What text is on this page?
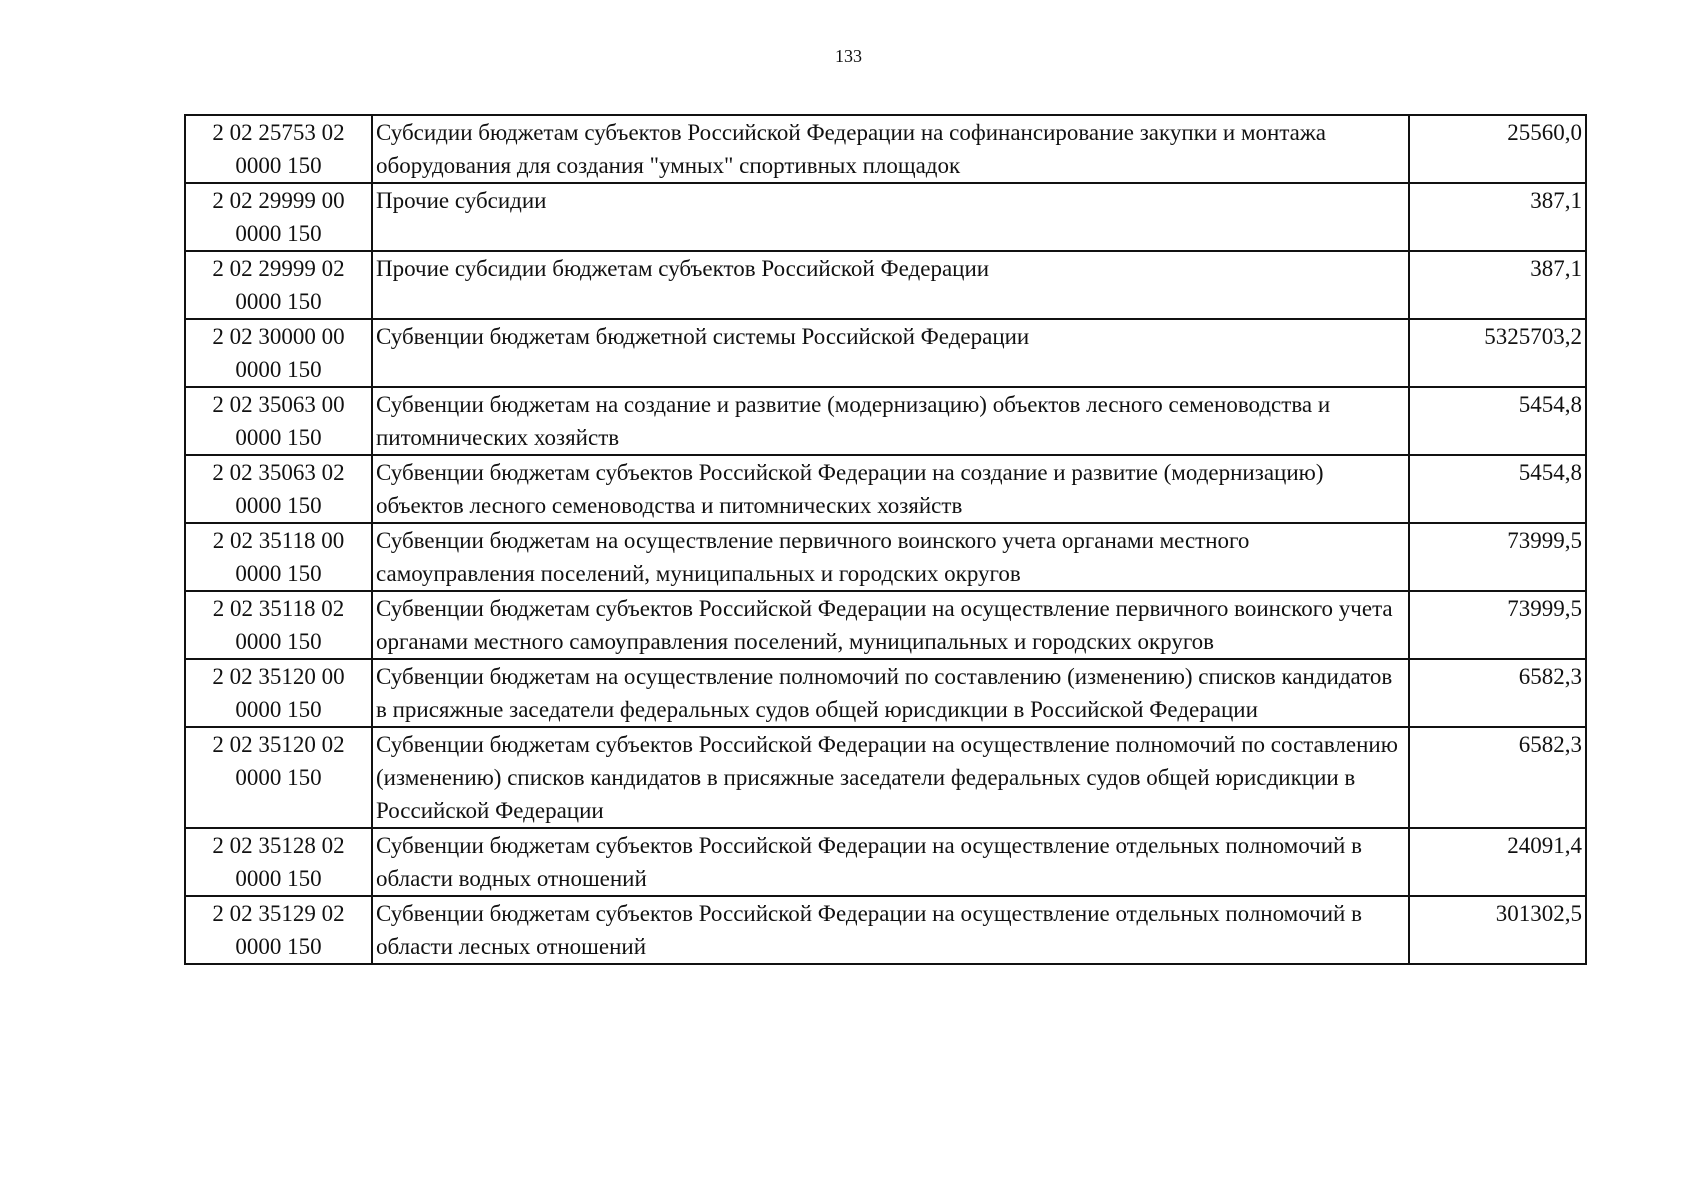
133
2 02 25753 02
0000 150	Субсидии бюджетам субъектов Российской Федерации на софинансирование закупки и монтажа оборудования для создания "умных" спортивных площадок	25560,0
2 02 29999 00
0000 150	Прочие субсидии	387,1
2 02 29999 02
0000 150	Прочие субсидии бюджетам субъектов Российской Федерации	387,1
2 02 30000 00
0000 150	Субвенции бюджетам бюджетной системы Российской Федерации	5325703,2
2 02 35063 00
0000 150	Субвенции бюджетам на создание и развитие (модернизацию) объектов лесного семеноводства и питомнических хозяйств	5454,8
2 02 35063 02
0000 150	Субвенции бюджетам субъектов Российской Федерации на создание и развитие (модернизацию) объектов лесного семеноводства и питомнических хозяйств	5454,8
2 02 35118 00
0000 150	Субвенции бюджетам на осуществление первичного воинского учета органами местного самоуправления поселений, муниципальных и городских округов	73999,5
2 02 35118 02
0000 150	Субвенции бюджетам субъектов Российской Федерации на осуществление первичного воинского учета органами местного самоуправления поселений, муниципальных и городских округов	73999,5
2 02 35120 00
0000 150	Субвенции бюджетам на осуществление полномочий по составлению (изменению) списков кандидатов в присяжные заседатели федеральных судов общей юрисдикции в Российской Федерации	6582,3
2 02 35120 02
0000 150	Субвенции бюджетам субъектов Российской Федерации на осуществление полномочий по составлению (изменению) списков кандидатов в присяжные заседатели федеральных судов общей юрисдикции в Российской Федерации	6582,3
2 02 35128 02
0000 150	Субвенции бюджетам субъектов Российской Федерации на осуществление отдельных полномочий в области водных отношений	24091,4
2 02 35129 02
0000 150	Субвенции бюджетам субъектов Российской Федерации на осуществление отдельных полномочий в области лесных отношений	301302,5
